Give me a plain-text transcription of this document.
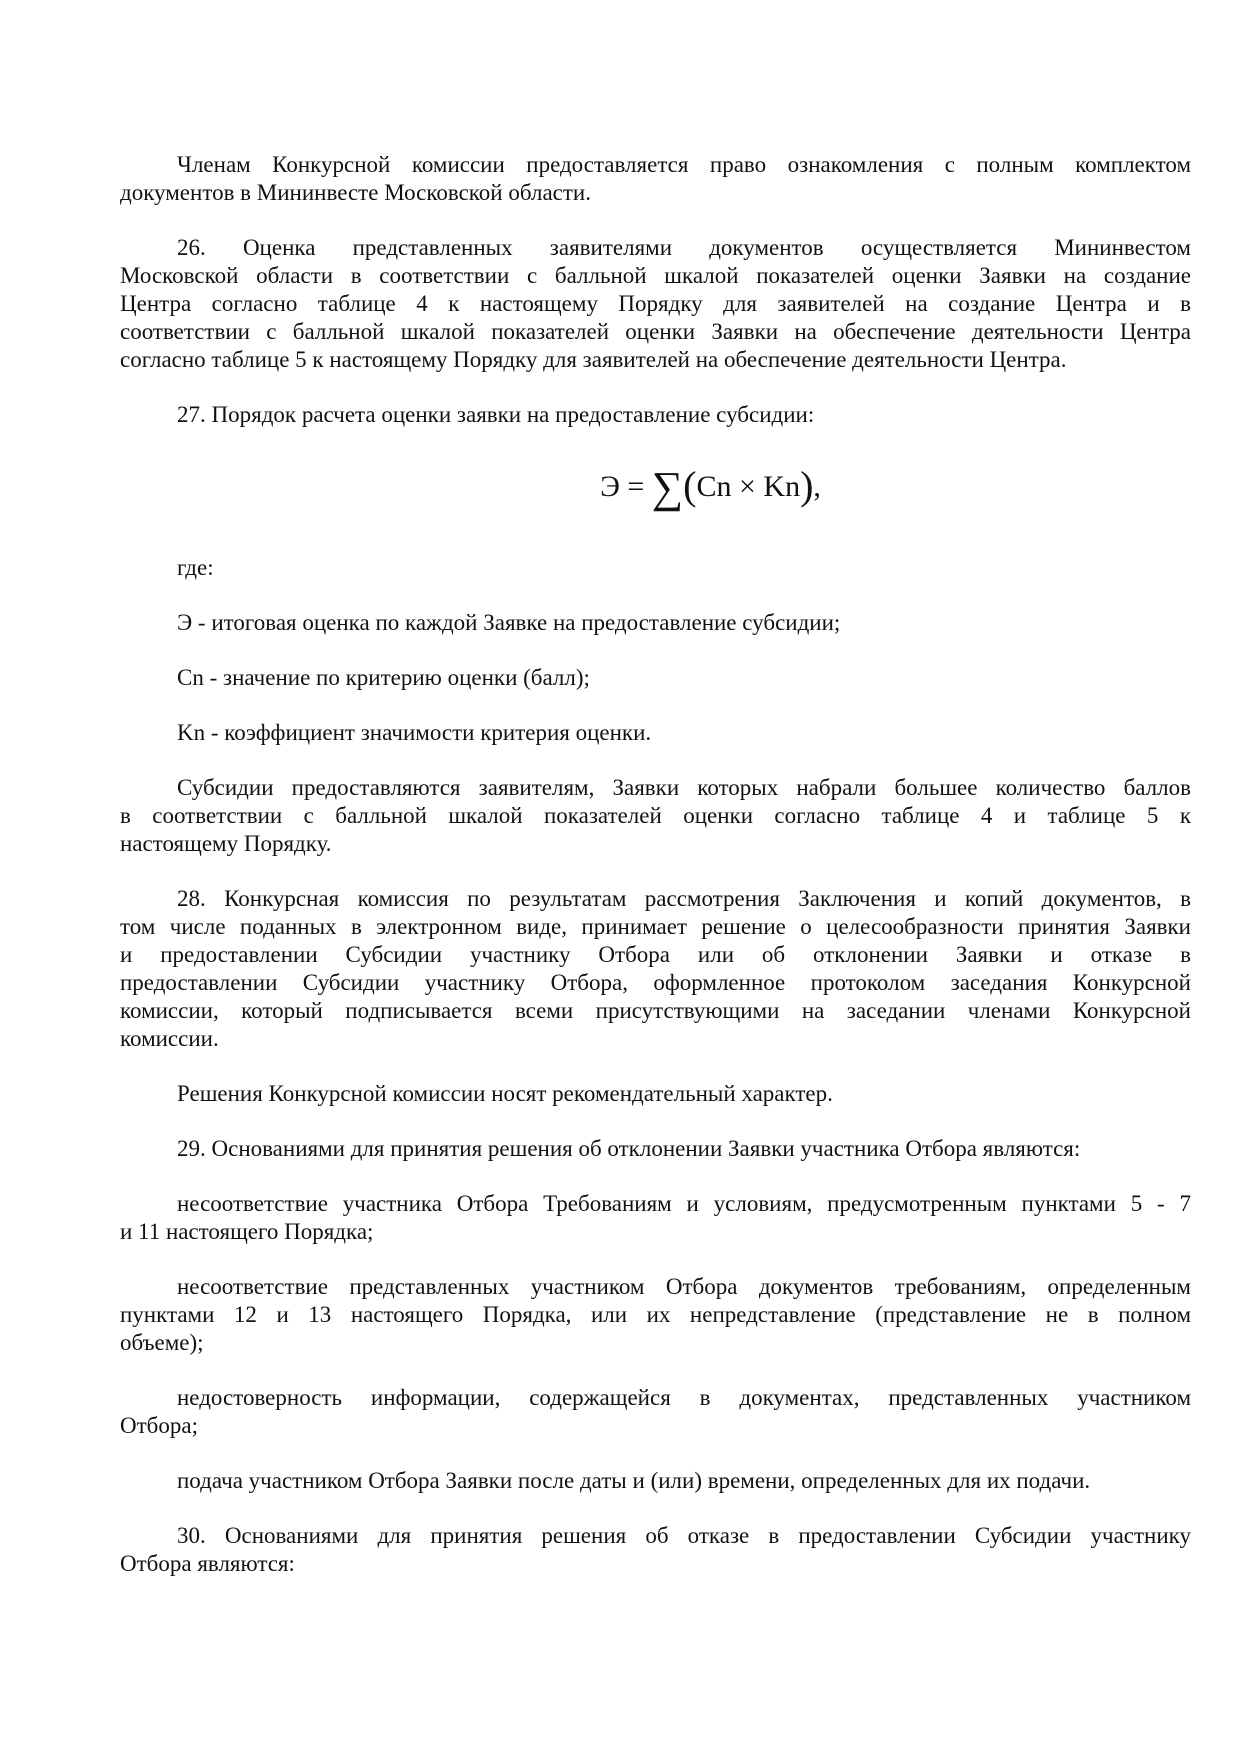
Членам Конкурсной комиссии предоставляется право ознакомления с полным комплектом
документов в Мининвесте Московской области.
26. Оценка представленных заявителями документов осуществляется Мининвестом
Московской области в соответствии с балльной шкалой показателей оценки Заявки на создание
Центра согласно таблице 4 к настоящему Порядку для заявителей на создание Центра и в
соответствии с балльной шкалой показателей оценки Заявки на обеспечение деятельности Центра
согласно таблице 5 к настоящему Порядку для заявителей на обеспечение деятельности Центра.
27. Порядок расчета оценки заявки на предоставление субсидии:
Э = ∑(Cn × Kn),
где:
Э - итоговая оценка по каждой Заявке на предоставление субсидии;
Cn - значение по критерию оценки (балл);
Kn - коэффициент значимости критерия оценки.
Субсидии предоставляются заявителям, Заявки которых набрали большее количество баллов
в соответствии с балльной шкалой показателей оценки согласно таблице 4 и таблице 5 к
настоящему Порядку.
28. Конкурсная комиссия по результатам рассмотрения Заключения и копий документов, в
том числе поданных в электронном виде, принимает решение о целесообразности принятия Заявки
и предоставлении Субсидии участнику Отбора или об отклонении Заявки и отказе в
предоставлении Субсидии участнику Отбора, оформленное протоколом заседания Конкурсной
комиссии, который подписывается всеми присутствующими на заседании членами Конкурсной
комиссии.
Решения Конкурсной комиссии носят рекомендательный характер.
29. Основаниями для принятия решения об отклонении Заявки участника Отбора являются:
несоответствие участника Отбора Требованиям и условиям, предусмотренным пунктами 5 - 7
и 11 настоящего Порядка;
несоответствие представленных участником Отбора документов требованиям, определенным
пунктами 12 и 13 настоящего Порядка, или их непредставление (представление не в полном
объеме);
недостоверность информации, содержащейся в документах, представленных участником
Отбора;
подача участником Отбора Заявки после даты и (или) времени, определенных для их подачи.
30. Основаниями для принятия решения об отказе в предоставлении Субсидии участнику
Отбора являются:
